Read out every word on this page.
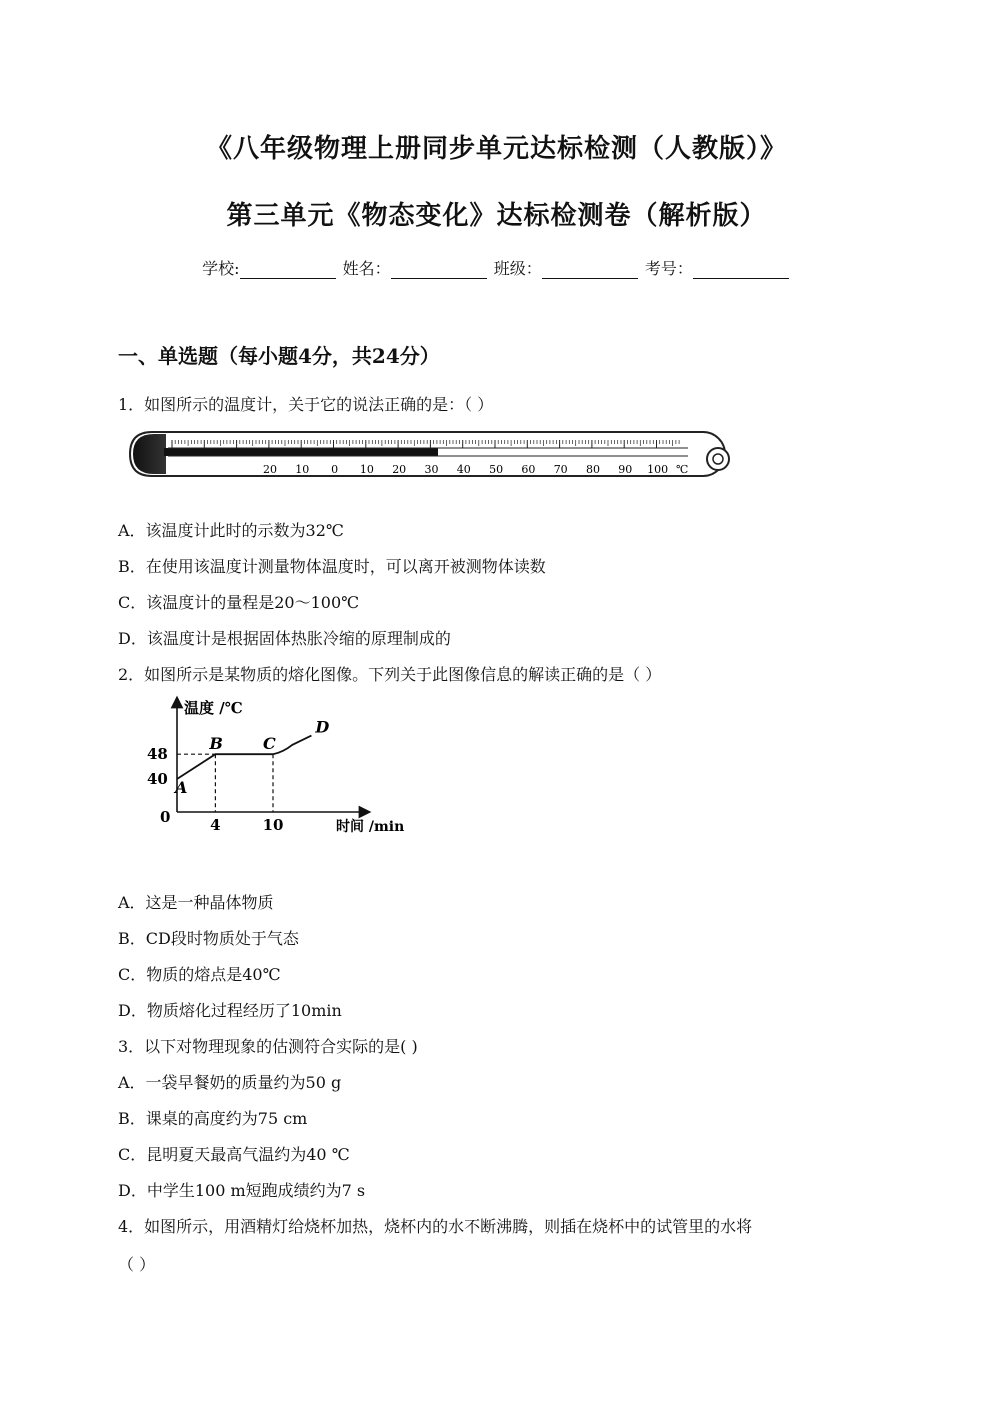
《八年级物理上册同步单元达标检测（人教版）》
第三单元《物态变化》达标检测卷（解析版）
学校:	姓名：	班级：	考号：
一、单选题（每小题4分，共24分）
1．如图所示的温度计，关于它的说法正确的是：（ ）
20 10 0 10 20 30 40 50 60 70 80 90 100 ℃
A．该温度计此时的示数为32℃
B．在使用该温度计测量物体温度时，可以离开被测物体读数
C．该温度计的量程是20～100℃
D．该温度计是根据固体热胀冷缩的原理制成的
2．如图所示是某物质的熔化图像。下列关于此图像信息的解读正确的是（ ）
温度 /℃
时间 /min
0
48
40
4	10
A
B	C
D
A．这是一种晶体物质
B．CD段时物质处于气态
C．物质的熔点是40℃
D．物质熔化过程经历了10min
3．以下对物理现象的估测符合实际的是( )
A．一袋早餐奶的质量约为50 g
B．课桌的高度约为75 cm
C．昆明夏天最高气温约为40 ℃
D．中学生100 m短跑成绩约为7 s
4．如图所示，用酒精灯给烧杯加热，烧杯内的水不断沸腾，则插在烧杯中的试管里的水将
（ ）
